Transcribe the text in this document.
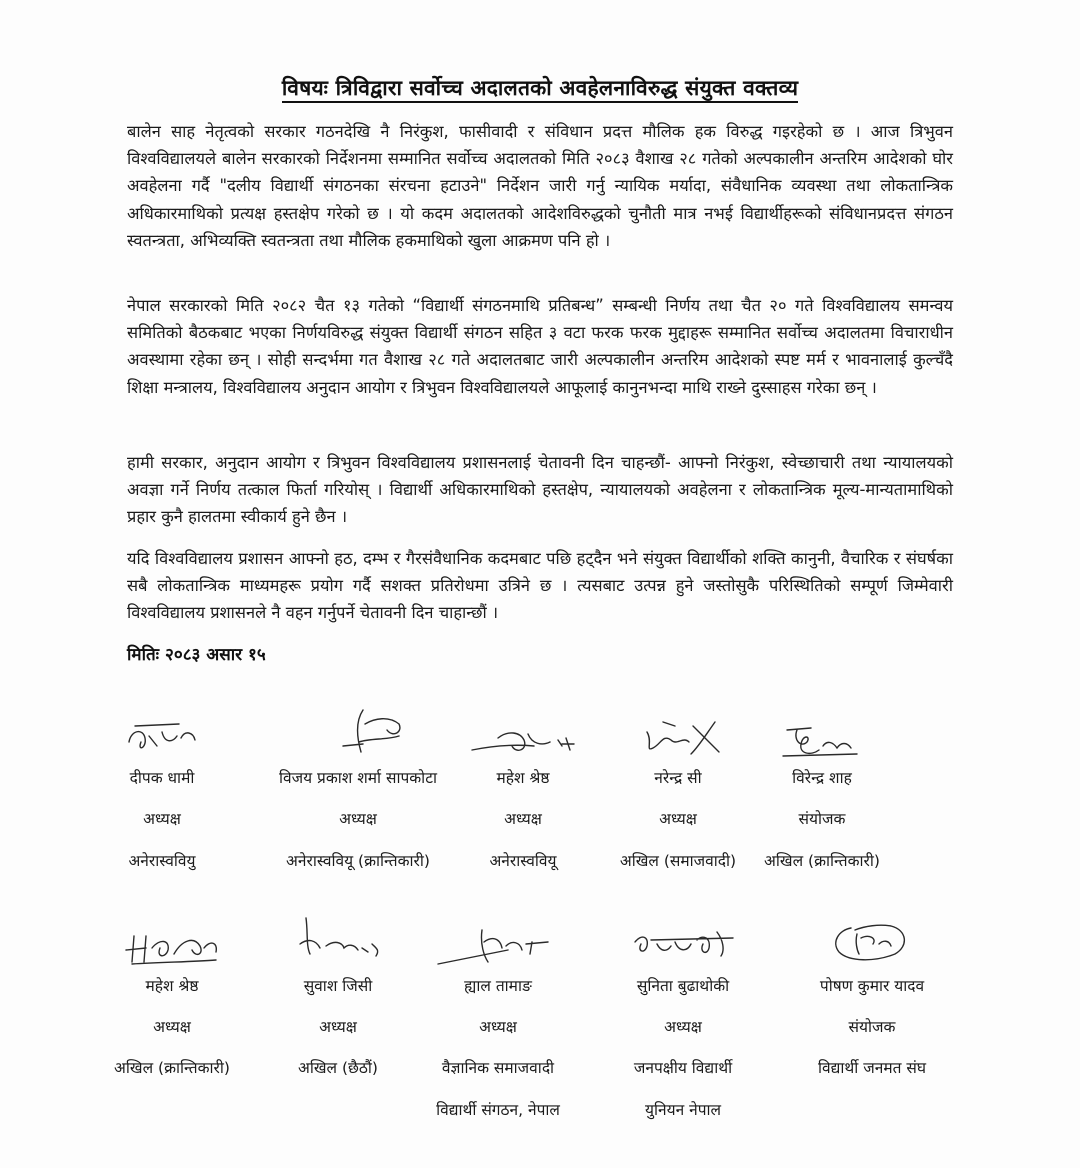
विषयः त्रिविद्वारा सर्वोच्च अदालतको अवहेलनाविरुद्ध संयुक्त वक्तव्य

बालेन साह नेतृत्वको सरकार गठनदेखि नै निरंकुश, फासीवादी र संविधान प्रदत्त मौलिक हक विरुद्ध गइरहेको छ । आज त्रिभुवन विश्वविद्यालयले बालेन सरकारको निर्देशनमा सम्मानित सर्वोच्च अदालतको मिति २०८३ वैशाख २८ गतेको अल्पकालीन अन्तरिम आदेशको घोर अवहेलना गर्दै "दलीय विद्यार्थी संगठनका संरचना हटाउने" निर्देशन जारी गर्नु न्यायिक मर्यादा, संवैधानिक व्यवस्था तथा लोकतान्त्रिक अधिकारमाथिको प्रत्यक्ष हस्तक्षेप गरेको छ । यो कदम अदालतको आदेशविरुद्धको चुनौती मात्र नभई विद्यार्थीहरूको संविधानप्रदत्त संगठन स्वतन्त्रता, अभिव्यक्ति स्वतन्त्रता तथा मौलिक हकमाथिको खुला आक्रमण पनि हो ।

नेपाल सरकारको मिति २०८२ चैत १३ गतेको “विद्यार्थी संगठनमाथि प्रतिबन्ध” सम्बन्धी निर्णय तथा चैत २० गते विश्वविद्यालय समन्वय समितिको बैठकबाट भएका निर्णयविरुद्ध संयुक्त विद्यार्थी संगठन सहित ३ वटा फरक फरक मुद्दाहरू सम्मानित सर्वोच्च अदालतमा विचाराधीन अवस्थामा रहेका छन् । सोही सन्दर्भमा गत वैशाख २८ गते अदालतबाट जारी अल्पकालीन अन्तरिम आदेशको स्पष्ट मर्म र भावनालाई कुल्चँदै शिक्षा मन्त्रालय, विश्वविद्यालय अनुदान आयोग र त्रिभुवन विश्वविद्यालयले आफूलाई कानुनभन्दा माथि राख्ने दुस्साहस गरेका छन् ।

हामी सरकार, अनुदान आयोग र त्रिभुवन विश्वविद्यालय प्रशासनलाई चेतावनी दिन चाहन्छौं- आफ्नो निरंकुश, स्वेच्छाचारी तथा न्यायालयको अवज्ञा गर्ने निर्णय तत्काल फिर्ता गरियोस् । विद्यार्थी अधिकारमाथिको हस्तक्षेप, न्यायालयको अवहेलना र लोकतान्त्रिक मूल्य-मान्यतामाथिको प्रहार कुनै हालतमा स्वीकार्य हुने छैन ।

यदि विश्वविद्यालय प्रशासन आफ्नो हठ, दम्भ र गैरसंवैधानिक कदमबाट पछि हट्दैन भने संयुक्त विद्यार्थीको शक्ति कानुनी, वैचारिक र संघर्षका सबै लोकतान्त्रिक माध्यमहरू प्रयोग गर्दै सशक्त प्रतिरोधमा उत्रिने छ । त्यसबाट उत्पन्न हुने जस्तोसुकै परिस्थितिको सम्पूर्ण जिम्मेवारी विश्वविद्यालय प्रशासनले नै वहन गर्नुपर्ने चेतावनी दिन चाहान्छौं ।

मितिः २०८३ असार १५
दीपक धामी
अध्यक्ष
अनेरास्ववियु
विजय प्रकाश शर्मा सापकोटा
अध्यक्ष
अनेरास्ववियू (क्रान्तिकारी)
महेश श्रेष्ठ
अध्यक्ष
अनेरास्ववियू
नरेन्द्र सी
अध्यक्ष
अखिल (समाजवादी)
विरेन्द्र शाह
संयोजक
अखिल (क्रान्तिकारी)
महेश श्रेष्ठ
अध्यक्ष
अखिल (क्रान्तिकारी)
सुवाश जिसी
अध्यक्ष
अखिल (छैठौं)
ह्याल तामाङ
अध्यक्ष
वैज्ञानिक समाजवादी
विद्यार्थी संगठन, नेपाल
सुनिता बुढाथोकी
अध्यक्ष
जनपक्षीय विद्यार्थी
युनियन नेपाल
पोषण कुमार यादव
संयोजक
विद्यार्थी जनमत संघ
